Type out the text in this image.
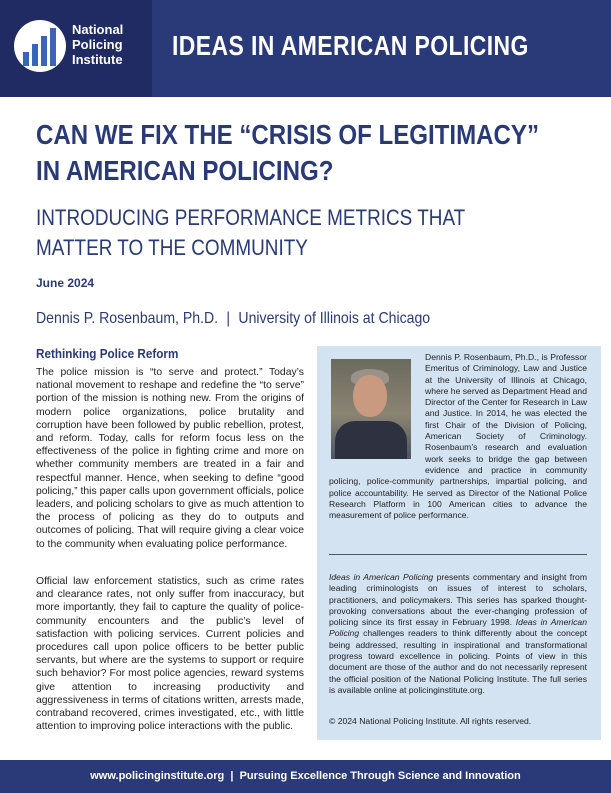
National
Policing
Institute	IDEAS IN AMERICAN POLICING
CAN WE FIX THE “CRISIS OF LEGITIMACY”
IN AMERICAN POLICING?
INTRODUCING PERFORMANCE METRICS THAT
MATTER TO THE COMMUNITY
June 2024
Dennis P. Rosenbaum, Ph.D. | University of Illinois at Chicago
Rethinking Police Reform
The police mission is “to serve and protect.” Today’s national movement to reshape and redefine the “to serve” portion of the mission is nothing new. From the origins of modern police organizations, police brutality and corruption have been followed by public rebellion, protest, and reform. Today, calls for reform focus less on the effectiveness of the police in fighting crime and more on whether community members are treated in a fair and respectful manner. Hence, when seeking to define “good policing,” this paper calls upon government officials, police leaders, and policing scholars to give as much attention to the process of policing as they do to outputs and outcomes of policing. That will require giving a clear voice to the community when evaluating police performance.
Official law enforcement statistics, such as crime rates and clearance rates, not only suffer from inaccuracy, but more importantly, they fail to capture the quality of police-community encounters and the public’s level of satisfaction with policing services. Current policies and procedures call upon police officers to be better public servants, but where are the systems to support or require such behavior? For most police agencies, reward systems give attention to increasing productivity and aggressiveness in terms of citations written, arrests made, contraband recovered, crimes investigated, etc., with little attention to improving police interactions with the public.
Dennis P. Rosenbaum, Ph.D., is Professor Emeritus of Criminology, Law and Justice at the University of Illinois at Chicago, where he served as Department Head and Director of the Center for Research in Law and Justice. In 2014, he was elected the first Chair of the Division of Policing, American Society of Criminology. Rosenbaum’s research and evaluation work seeks to bridge the gap between evidence and practice in community policing, police-community partnerships, impartial policing, and police accountability. He served as Director of the National Police Research Platform in 100 American cities to advance the measurement of police performance.
Ideas in American Policing presents commentary and insight from leading criminologists on issues of interest to scholars, practitioners, and policymakers. This series has sparked thought-provoking conversations about the ever-changing profession of policing since its first essay in February 1998. Ideas in American Policing challenges readers to think differently about the concept being addressed, resulting in inspirational and transformational progress toward excellence in policing. Points of view in this document are those of the author and do not necessarily represent the official position of the National Policing Institute. The full series is available online at policinginstitute.org.
© 2024 National Policing Institute. All rights reserved.
www.policinginstitute.org  |  Pursuing Excellence Through Science and Innovation
